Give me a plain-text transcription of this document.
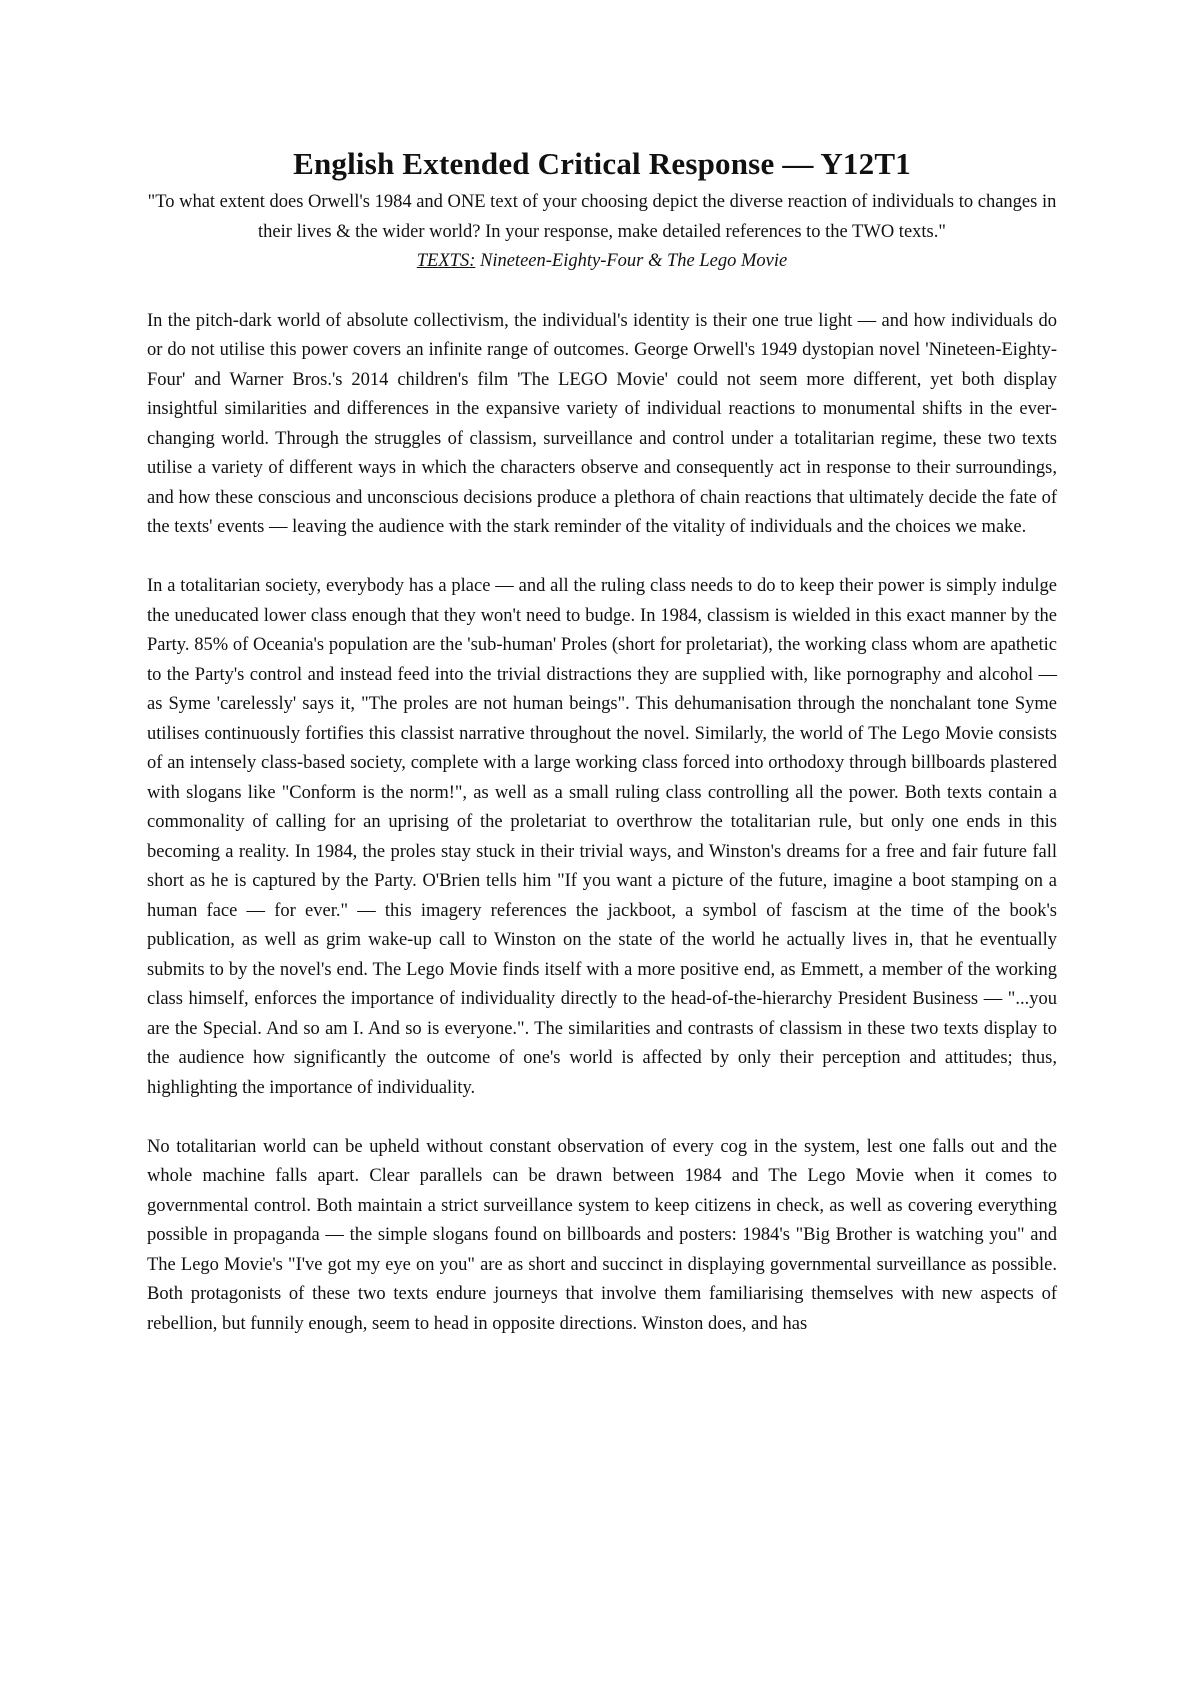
English Extended Critical Response — Y12T1

"To what extent does Orwell's 1984 and ONE text of your choosing depict the diverse reaction of individuals to changes in their lives & the wider world? In your response, make detailed references to the TWO texts."

TEXTS: Nineteen-Eighty-Four & The Lego Movie

In the pitch-dark world of absolute collectivism, the individual's identity is their one true light — and how individuals do or do not utilise this power covers an infinite range of outcomes. George Orwell's 1949 dystopian novel 'Nineteen-Eighty-Four' and Warner Bros.'s 2014 children's film 'The LEGO Movie' could not seem more different, yet both display insightful similarities and differences in the expansive variety of individual reactions to monumental shifts in the ever-changing world. Through the struggles of classism, surveillance and control under a totalitarian regime, these two texts utilise a variety of different ways in which the characters observe and consequently act in response to their surroundings, and how these conscious and unconscious decisions produce a plethora of chain reactions that ultimately decide the fate of the texts' events — leaving the audience with the stark reminder of the vitality of individuals and the choices we make.

In a totalitarian society, everybody has a place — and all the ruling class needs to do to keep their power is simply indulge the uneducated lower class enough that they won't need to budge. In 1984, classism is wielded in this exact manner by the Party. 85% of Oceania's population are the 'sub-human' Proles (short for proletariat), the working class whom are apathetic to the Party's control and instead feed into the trivial distractions they are supplied with, like pornography and alcohol — as Syme 'carelessly' says it, "The proles are not human beings". This dehumanisation through the nonchalant tone Syme utilises continuously fortifies this classist narrative throughout the novel. Similarly, the world of The Lego Movie consists of an intensely class-based society, complete with a large working class forced into orthodoxy through billboards plastered with slogans like "Conform is the norm!", as well as a small ruling class controlling all the power. Both texts contain a commonality of calling for an uprising of the proletariat to overthrow the totalitarian rule, but only one ends in this becoming a reality. In 1984, the proles stay stuck in their trivial ways, and Winston's dreams for a free and fair future fall short as he is captured by the Party. O'Brien tells him "If you want a picture of the future, imagine a boot stamping on a human face — for ever." — this imagery references the jackboot, a symbol of fascism at the time of the book's publication, as well as grim wake-up call to Winston on the state of the world he actually lives in, that he eventually submits to by the novel's end. The Lego Movie finds itself with a more positive end, as Emmett, a member of the working class himself, enforces the importance of individuality directly to the head-of-the-hierarchy President Business — "...you are the Special. And so am I. And so is everyone.". The similarities and contrasts of classism in these two texts display to the audience how significantly the outcome of one's world is affected by only their perception and attitudes; thus, highlighting the importance of individuality.

No totalitarian world can be upheld without constant observation of every cog in the system, lest one falls out and the whole machine falls apart. Clear parallels can be drawn between 1984 and The Lego Movie when it comes to governmental control. Both maintain a strict surveillance system to keep citizens in check, as well as covering everything possible in propaganda — the simple slogans found on billboards and posters: 1984's "Big Brother is watching you" and The Lego Movie's "I've got my eye on you" are as short and succinct in displaying governmental surveillance as possible. Both protagonists of these two texts endure journeys that involve them familiarising themselves with new aspects of rebellion, but funnily enough, seem to head in opposite directions. Winston does, and has
